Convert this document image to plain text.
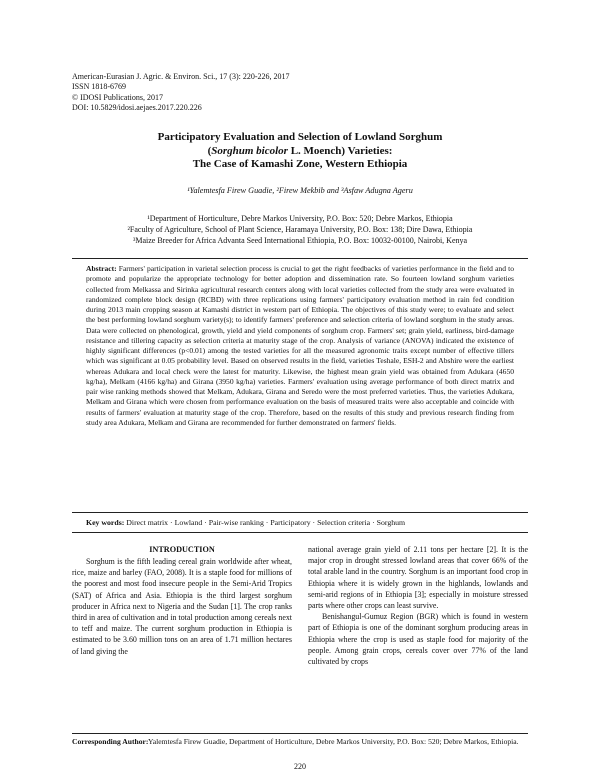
American-Eurasian J. Agric. & Environ. Sci., 17 (3): 220-226, 2017
ISSN 1818-6769
© IDOSI Publications, 2017
DOI: 10.5829/idosi.aejaes.2017.220.226
Participatory Evaluation and Selection of Lowland Sorghum
(Sorghum bicolor L. Moench) Varieties:
The Case of Kamashi Zone, Western Ethiopia
¹Yalemtesfa Firew Guadie, ²Firew Mekbib and ³Asfaw Adugna Ageru
¹Department of Horticulture, Debre Markos University, P.O. Box: 520; Debre Markos, Ethiopia
²Faculty of Agriculture, School of Plant Science, Haramaya University, P.O. Box: 138; Dire Dawa, Ethiopia
³Maize Breeder for Africa Advanta Seed International Ethiopia, P.O. Box: 10032-00100, Nairobi, Kenya

Abstract: Farmers' participation in varietal selection process is crucial to get the right feedbacks of varieties performance in the field and to promote and popularize the appropriate technology for better adoption and dissemination rate. So fourteen lowland sorghum varieties collected from Melkassa and Sirinka agricultural research centers along with local varieties collected from the study area were evaluated in randomized complete block design (RCBD) with three replications using farmers' participatory evaluation method in rain fed condition during 2013 main cropping season at Kamashi district in western part of Ethiopia. The objectives of this study were; to evaluate and select the best performing lowland sorghum variety(s); to identify farmers' preference and selection criteria of lowland sorghum in the study areas. Data were collected on phenological, growth, yield and yield components of sorghum crop. Farmers' set; grain yield, earliness, bird-damage resistance and tillering capacity as selection criteria at maturity stage of the crop. Analysis of variance (ANOVA) indicated the existence of highly significant differences (p<0.01) among the tested varieties for all the measured agronomic traits except number of effective tillers which was significant at 0.05 probability level. Based on observed results in the field, varieties Teshale, ESH-2 and Abshire were the earliest whereas Adukara and local check were the latest for maturity. Likewise, the highest mean grain yield was obtained from Adukara (4650 kg/ha), Melkam (4166 kg/ha) and Girana (3950 kg/ha) varieties. Farmers' evaluation using average performance of both direct matrix and pair wise ranking methods showed that Melkam, Adukara, Girana and Seredo were the most preferred varieties. Thus, the varieties Adukara, Melkam and Girana which were chosen from performance evaluation on the basis of measured traits were also acceptable and coincide with results of farmers' evaluation at maturity stage of the crop. Therefore, based on the results of this study and previous research finding from study area Adukara, Melkam and Girana are recommended for further demonstrated on farmers' fields.

Key words: Direct matrix · Lowland · Pair-wise ranking · Participatory · Selection criteria · Sorghum
INTRODUCTION

Sorghum is the fifth leading cereal grain worldwide after wheat, rice, maize and barley (FAO, 2008). It is a staple food for millions of the poorest and most food insecure people in the Semi-Arid Tropics (SAT) of Africa and Asia. Ethiopia is the third largest sorghum producer in Africa next to Nigeria and the Sudan [1]. The crop ranks third in area of cultivation and in total production among cereals next to teff and maize. The current sorghum production in Ethiopia is estimated to be 3.60 million tons on an area of 1.71 million hectares of land giving the

national average grain yield of 2.11 tons per hectare [2]. It is the major crop in drought stressed lowland areas that cover 66% of the total arable land in the country. Sorghum is an important food crop in Ethiopia where it is widely grown in the highlands, lowlands and semi-arid regions of in Ethiopia [3]; especially in moisture stressed parts where other crops can least survive.

Benishangul-Gumuz Region (BGR) which is found in western part of Ethiopia is one of the dominant sorghum producing areas in Ethiopia where the crop is used as staple food for majority of the people. Among grain crops, cereals cover over 77% of the land cultivated by crops

Corresponding Author: Yalemtesfa Firew Guadie, Department of Horticulture, Debre Markos University, P.O. Box: 520; Debre Markos, Ethiopia.
220
